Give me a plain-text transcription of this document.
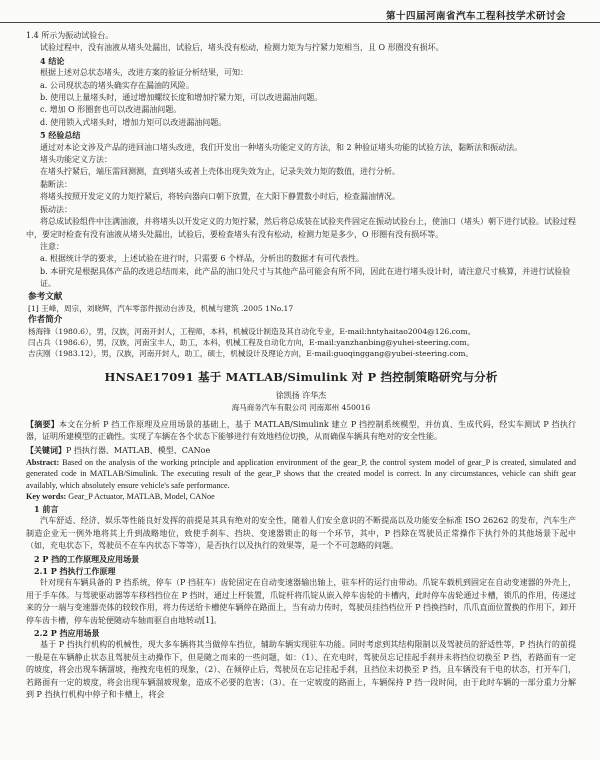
第十四届河南省汽车工程科技学术研讨会
1.4 所示为振动试验台。
试验过程中，没有油液从堵头处漏出，试验后，堵头没有松动，检测力矩为与拧紧力矩相当，且 O 形圈没有损坏。
4 结论
根据上述对总状态堵头，改进方案的验证分析结果，可知：
a. 公司现状态的堵头确实存在漏油的风险。
b. 使用以上量堵头时，通过增加螺纹长度和增加拧紧力矩，可以改进漏油问题。
c. 增加 O 形圈套也可以改进漏油问题。
d. 使用锁入式堵头时，增加力矩可以改进漏油问题。
5 经验总结
通过对本论文涉及产品的进回油口堵头改进，我们开发出一种堵头功能定义的方法，和 2 种验证堵头功能的试验方法，黏断法和振动法。
堵头功能定义方法：
在堵头拧紧后，端压需回测测，直到堵头或者上壳体出现失效为止，记录失效力矩的数值，进行分析。
黏断法：
将堵头按照开发定义的力矩拧紧后，将转向器向口朝下放置，在大阳下静置数小时后，检查漏油情况。
振动法：
将总成试验组件中注满油液，并将堵头以开发定义的力矩拧紧，然后将总成装在试验夹件固定在振动试验台上，使油口（堵头）朝下进行试验。试验过程中，要定时检查有没有油液从堵头处漏出，试验后，要检查堵头有没有松动，检测力矩是多少，O 形圈有没有损坏等。
注意：
a. 根据统计学的要求，上述试验在进行时，只需要 6 个样品，分析出的数据才有可代表性。
b. 本研究是根据具体产品的改进总结而来，此产品的油口处尺寸与其他产品可能会有所不同，因此在进行堵头设计时，请注意尺寸核算，并进行试验验证。
参考文献
[1] 王峰，周宗，刘晓辉，汽车零部件振动台涉及，机械与建筑 .2005 1No.17
作者简介
杨海锋（1980.6），男，汉族，河南开封人，工程师，本科，机械设计制造及其自动化专业，E-mail:hntyhaitao2004@126.com。
闫占兵（1986.6），男，汉族，河南宝丰人，助工，本科，机械工程及自动化方向，E-mail:yanzhanbing@yuhei-steering.com。
吉庆刚（1983.12），男，汉族，河南开封人，助工，硕士，机械设计及理论方向，E-mail:guoqinggang@yubei-steering.com。
HNSAE17091 基于 MATLAB/Simulink 对 P 挡控制策略研究与分析
徐凯扬 许华杰
海马商务汽车有限公司 河南郑州 450016
【摘要】本文在分析 P 挡工作原理及应用场景的基础上，基于 MATLAB/Simulink 建立 P 挡控制系统模型，并仿真、生成代码，经实车测试 P 挡执行器，证明所建模型的正确性。实现了车辆在各个状态下能够进行有效地档位切换，从而确保车辆具有绝对的安全性能。
【关键词】P 挡执行器、MATLAB、模型、CANoe
Abstract: Based on the analysis of the working principle and application environment of the gear_P, the control system model of gear_P is created, simulated and generated code in MATLAB/Simulink. The executing result of the gear_P shows that the created model is correct. In any circumstances, vehicle can shift gear availably, which absolutely ensure vehicle's safe performance.
Key words: Gear_P Actuator, MATLAB, Model, CANoe
1 前言
汽车舒适、经济、娱乐等性能良好发挥的前提是其具有绝对的安全性，随着人们安全意识的不断提高以及功能安全标准 ISO 26262 的发布，汽车生产制造企业无一例外地将其上升到战略地位，致使手刹车、挡块、变速器锁止的每一个环节，其中，P 挡除在驾驶员正常操作下执行外的其他场景下起中（如，充电状态下，驾驶员不在车内状态下等等），是否执行以及执行的效果等，是一个不可忽略的问题。
2 P 挡的工作原理及应用场景
2.1 P 挡执行工作原理
针对现有车辆具备的 P 挡系统，停车（P 挡驻车）齿轮固定在自动变速器输出轴上，驻车杆的运行由带动。爪锭车载机到固定在自动变速器的外壳上，用于手车体。与驾驶驱动器等车移档挡位在 P 挡时，通过上杆装置，爪锭杆将爪锭从嵌入停车齿轮的卡槽内，此时停车齿轮通过卡槽，锁爪的作用，传递过来的分一端与变速器壳体的较较作用，将力传送给卡槽使车辆停在路面上，当有动力传时，驾驶员挂挡档位开 P 挡换挡时，爪爪直面位置换的作用下，卸开停车齿卡槽，停车齿轮便随动车轴而驱自由地转动[1]。
2.2 P 挡应用场景
基于 P 挡执行机构的机械性，现大多车辆将其当做停车挡位，辅助车辆实现驻车功能。同时考虑到其结构限制以及驾驶员的舒适性等，P 挡执行的前提一般是在车辆静止状态且驾驶员主动操作下，但是随之而来的一些问题，如：（1）、在充电时，驾驶员忘记挂起手刹并未将挡位切换至 P 挡，若路面有一定的坡度，将会出现车辆溜坡，拖拽充电桩的现象，（2）、在倾停止后，驾驶员在忘记挂起手刹，且挡位未切换至 P 挡，且车辆没有干电的状态，打开车门，若路面有一定的坡度，将会出现车辆溜坡现象，造成不必要的危害；（3）、在一定坡度的路面上，车辆保持 P 挡一段时间，由于此时车辆的一部分重力分解到 P 挡执行机构中停子和卡槽上，将会
